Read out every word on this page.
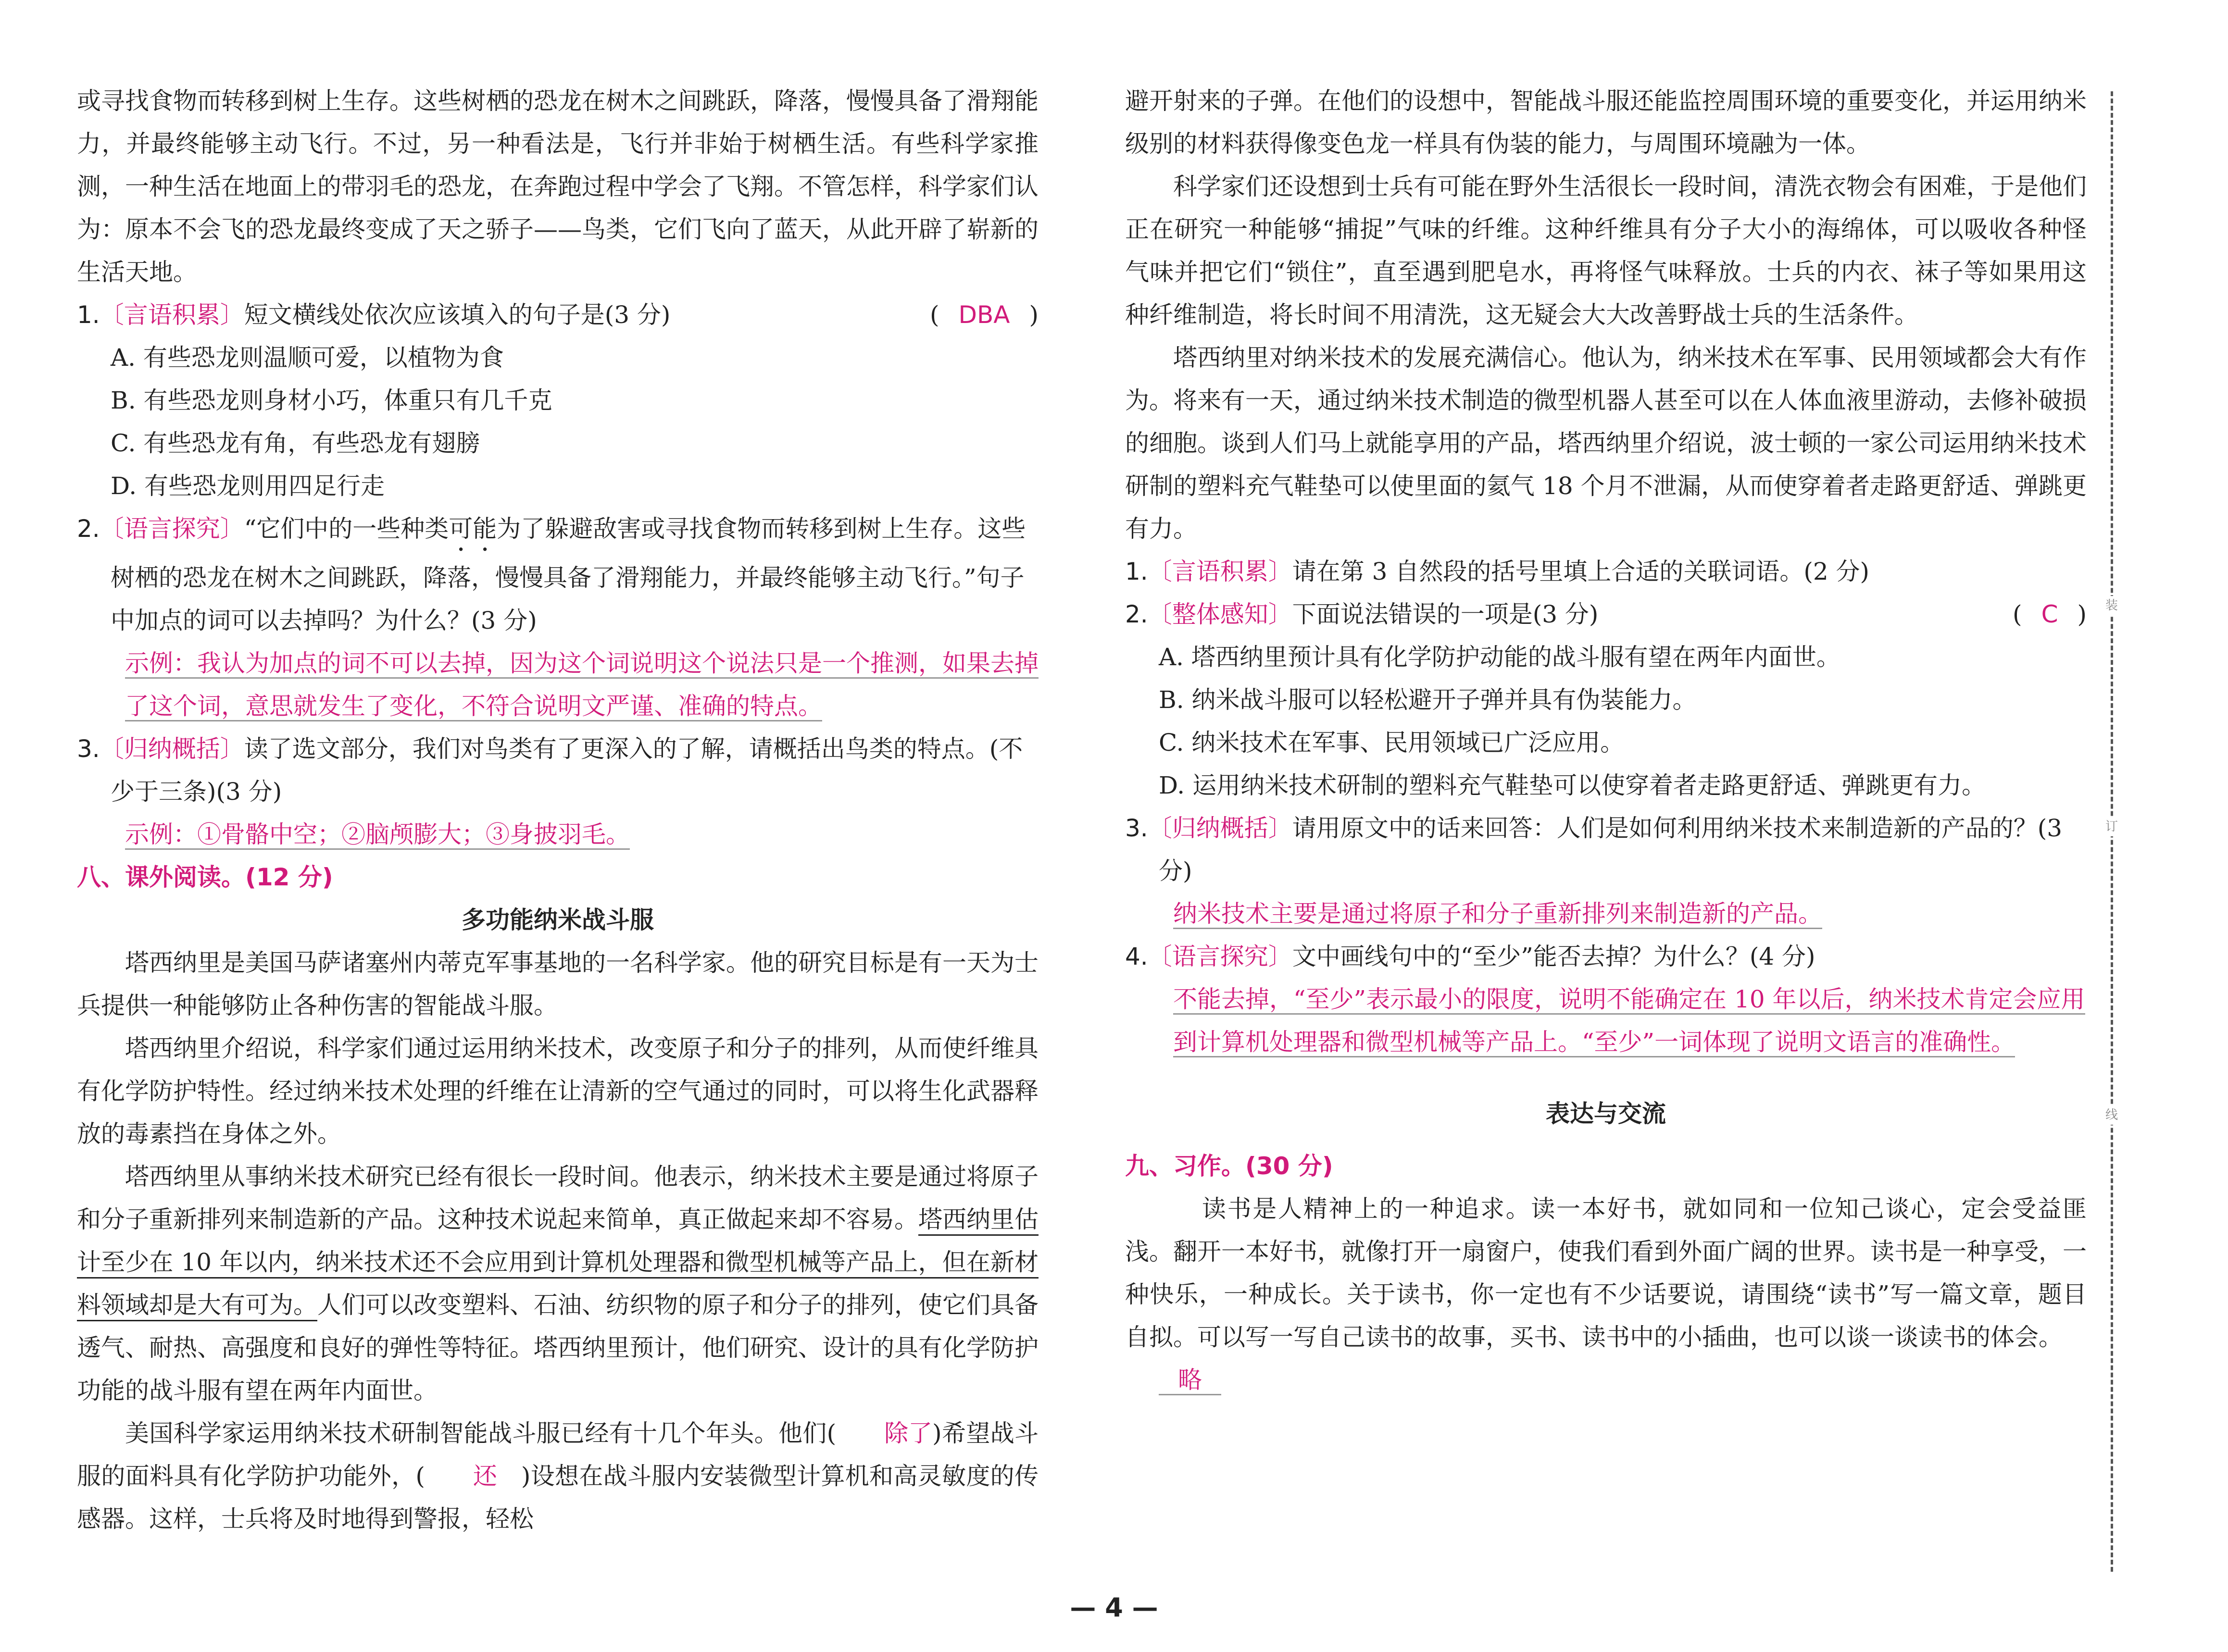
或寻找食物而转移到树上生存。这些树栖的恐龙在树木之间跳跃，降落，慢慢具备了滑翔能力，并最终能够主动飞行。不过，另一种看法是，飞行并非始于树栖生活。有些科学家推测，一种生活在地面上的带羽毛的恐龙，在奔跑过程中学会了飞翔。不管怎样，科学家们认为：原本不会飞的恐龙最终变成了天之骄子——鸟类，它们飞向了蓝天，从此开辟了崭新的生活天地。

1.〔言语积累〕短文横线处依次应该填入的句子是(3 分)	( DBA )

A. 有些恐龙则温顺可爱，以植物为食

B. 有些恐龙则身材小巧，体重只有几千克

C. 有些恐龙有角，有些恐龙有翅膀

D. 有些恐龙则用四足行走

2.〔语言探究〕“它们中的一些种类可能为了躲避敌害或寻找食物而转移到树上生存。这些树栖的恐龙在树木之间跳跃，降落，慢慢具备了滑翔能力，并最终能够主动飞行。”句子中加点的词可以去掉吗？为什么？(3 分)

示例：我认为加点的词不可以去掉，因为这个词说明这个说法只是一个推测，如果去掉了这个词，意思就发生了变化，不符合说明文严谨、准确的特点。

3.〔归纳概括〕读了选文部分，我们对鸟类有了更深入的了解，请概括出鸟类的特点。(不少于三条)(3 分)

示例：①骨骼中空；②脑颅膨大；③身披羽毛。

八、课外阅读。(12 分)

多功能纳米战斗服

塔西纳里是美国马萨诸塞州内蒂克军事基地的一名科学家。他的研究目标是有一天为士兵提供一种能够防止各种伤害的智能战斗服。

塔西纳里介绍说，科学家们通过运用纳米技术，改变原子和分子的排列，从而使纤维具有化学防护特性。经过纳米技术处理的纤维在让清新的空气通过的同时，可以将生化武器释放的毒素挡在身体之外。

塔西纳里从事纳米技术研究已经有很长一段时间。他表示，纳米技术主要是通过将原子和分子重新排列来制造新的产品。这种技术说起来简单，真正做起来却不容易。塔西纳里估计至少在 10 年以内，纳米技术还不会应用到计算机处理器和微型机械等产品上，但在新材料领域却是大有可为。人们可以改变塑料、石油、纺织物的原子和分子的排列，使它们具备透气、耐热、高强度和良好的弹性等特征。塔西纳里预计，他们研究、设计的具有化学防护功能的战斗服有望在两年内面世。

美国科学家运用纳米技术研制智能战斗服已经有十几个年头。他们( 除了)希望战斗服的面料具有化学防护功能外，( 还 )设想在战斗服内安装微型计算机和高灵敏度的传感器。这样，士兵将及时地得到警报，轻松

避开射来的子弹。在他们的设想中，智能战斗服还能监控周围环境的重要变化，并运用纳米级别的材料获得像变色龙一样具有伪装的能力，与周围环境融为一体。

科学家们还设想到士兵有可能在野外生活很长一段时间，清洗衣物会有困难，于是他们正在研究一种能够“捕捉”气味的纤维。这种纤维具有分子大小的海绵体，可以吸收各种怪气味并把它们“锁住”，直至遇到肥皂水，再将怪气味释放。士兵的内衣、袜子等如果用这种纤维制造，将长时间不用清洗，这无疑会大大改善野战士兵的生活条件。

塔西纳里对纳米技术的发展充满信心。他认为，纳米技术在军事、民用领域都会大有作为。将来有一天，通过纳米技术制造的微型机器人甚至可以在人体血液里游动，去修补破损的细胞。谈到人们马上就能享用的产品，塔西纳里介绍说，波士顿的一家公司运用纳米技术研制的塑料充气鞋垫可以使里面的氦气 18 个月不泄漏，从而使穿着者走路更舒适、弹跳更有力。

1.〔言语积累〕请在第 3 自然段的括号里填上合适的关联词语。(2 分)
2.〔整体感知〕下面说法错误的一项是(3 分)	( C )

A. 塔西纳里预计具有化学防护动能的战斗服有望在两年内面世。

B. 纳米战斗服可以轻松避开子弹并具有伪装能力。

C. 纳米技术在军事、民用领域已广泛应用。

D. 运用纳米技术研制的塑料充气鞋垫可以使穿着者走路更舒适、弹跳更有力。

3.〔归纳概括〕请用原文中的话来回答：人们是如何利用纳米技术来制造新的产品的？(3 分)

纳米技术主要是通过将原子和分子重新排列来制造新的产品。

4.〔语言探究〕文中画线句中的“至少”能否去掉？为什么？(4 分)

不能去掉，“至少”表示最小的限度，说明不能确定在 10 年以后，纳米技术肯定会应用到计算机处理器和微型机械等产品上。“至少”一词体现了说明文语言的准确性。

表达与交流

九、习作。(30 分)

读书是人精神上的一种追求。读一本好书，就如同和一位知己谈心，定会受益匪浅。翻开一本好书，就像打开一扇窗户，使我们看到外面广阔的世界。读书是一种享受，一种快乐，一种成长。关于读书，你一定也有不少话要说，请围绕“读书”写一篇文章，题目自拟。可以写一写自己读书的故事，买书、读书中的小插曲，也可以谈一谈读书的体会。

略

装
订
线
— 4 —
